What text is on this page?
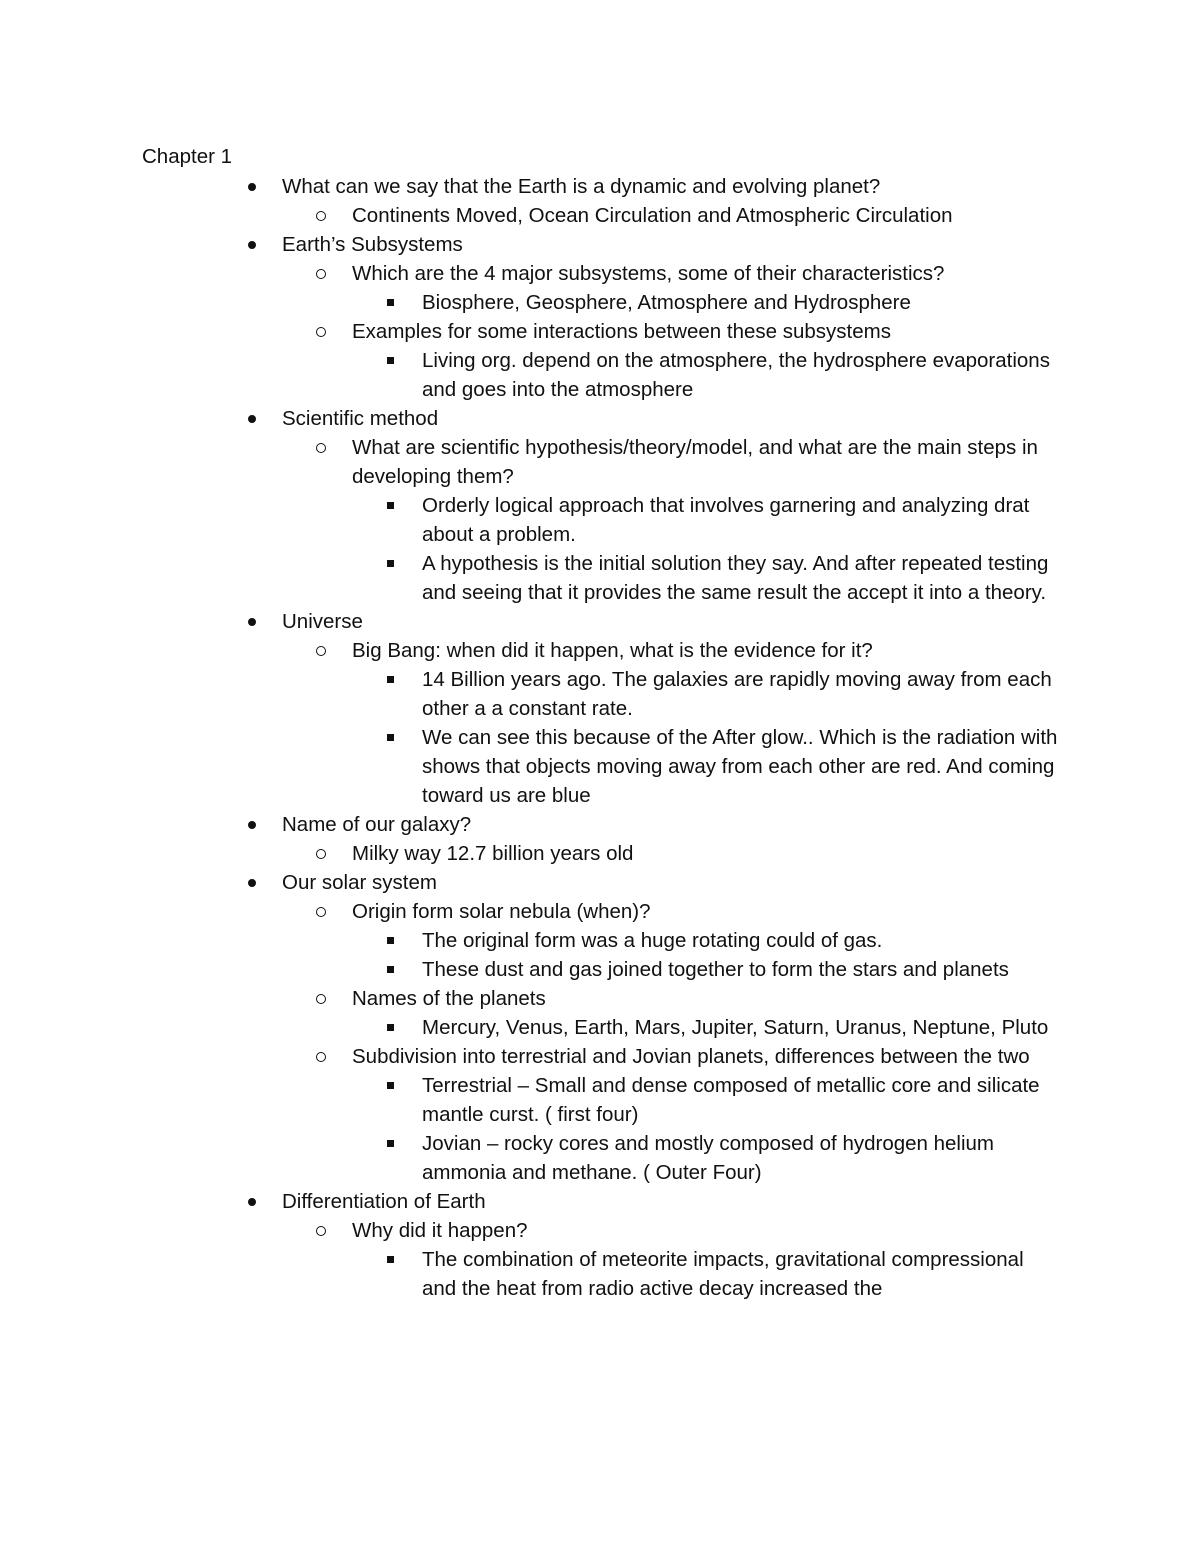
Chapter 1
What can we say that the Earth is a dynamic and evolving planet?
Continents Moved, Ocean Circulation and Atmospheric Circulation
Earth’s Subsystems
Which are the 4 major subsystems, some of their characteristics?
Biosphere, Geosphere, Atmosphere and Hydrosphere
Examples for some interactions between these subsystems
Living org. depend on the atmosphere, the hydrosphere evaporations and goes into the atmosphere
Scientific method
What are scientific hypothesis/theory/model, and what are the main steps in developing them?
Orderly logical approach that involves garnering and analyzing drat about a problem.
A hypothesis is the initial solution they say. And after repeated testing and seeing that it provides the same result the accept it into a theory.
Universe
Big Bang: when did it happen, what is the evidence for it?
14 Billion years ago. The galaxies are rapidly moving away from each other a a constant rate.
We can see this because of the After glow.. Which is the radiation with shows that objects moving away from each other are red. And coming toward us are blue
Name of our galaxy?
Milky way 12.7 billion years old
Our solar system
Origin form solar nebula (when)?
The original form was a huge rotating could of gas.
These dust and gas joined together to form the stars and planets
Names of the planets
Mercury, Venus, Earth, Mars, Jupiter, Saturn, Uranus, Neptune, Pluto
Subdivision into terrestrial and Jovian planets, differences between the two
Terrestrial – Small and dense composed of metallic core and silicate mantle curst. ( first four)
Jovian – rocky cores and mostly composed of hydrogen helium ammonia and methane. ( Outer Four)
Differentiation of Earth
Why did it happen?
The combination of meteorite impacts, gravitational compressional and the heat from radio active decay increased the
